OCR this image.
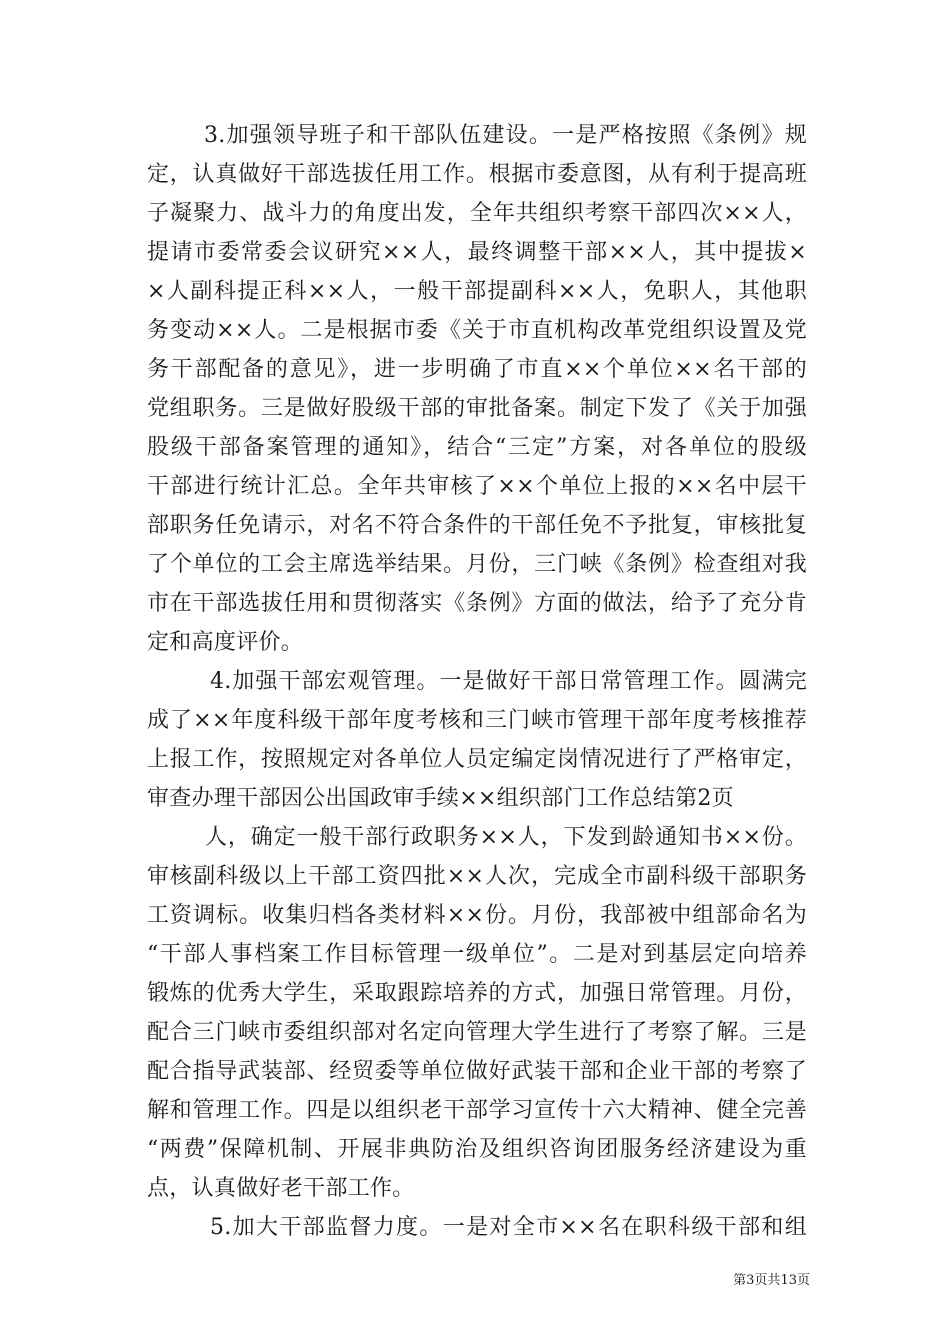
3.加强领导班子和干部队伍建设。一是严格按照《条例》规
定，认真做好干部选拔任用工作。根据市委意图，从有利于提高班
子凝聚力、战斗力的角度出发，全年共组织考察干部四次××人，
提请市委常委会议研究××人，最终调整干部××人，其中提拔×
×人副科提正科××人，一般干部提副科××人，免职人，其他职
务变动××人。二是根据市委《关于市直机构改革党组织设置及党
务干部配备的意见》，进一步明确了市直××个单位××名干部的
党组职务。三是做好股级干部的审批备案。制定下发了《关于加强
股级干部备案管理的通知》，结合“三定”方案，对各单位的股级
干部进行统计汇总。全年共审核了××个单位上报的××名中层干
部职务任免请示，对名不符合条件的干部任免不予批复，审核批复
了个单位的工会主席选举结果。月份，三门峡《条例》检查组对我
市在干部选拔任用和贯彻落实《条例》方面的做法，给予了充分肯
定和高度评价。
4.加强干部宏观管理。一是做好干部日常管理工作。圆满完
成了××年度科级干部年度考核和三门峡市管理干部年度考核推荐
上报工作，按照规定对各单位人员定编定岗情况进行了严格审定，
审查办理干部因公出国政审手续××组织部门工作总结第2页
人，确定一般干部行政职务××人，下发到龄通知书××份。
审核副科级以上干部工资四批××人次，完成全市副科级干部职务
工资调标。收集归档各类材料××份。月份，我部被中组部命名为
“干部人事档案工作目标管理一级单位”。二是对到基层定向培养
锻炼的优秀大学生，采取跟踪培养的方式，加强日常管理。月份，
配合三门峡市委组织部对名定向管理大学生进行了考察了解。三是
配合指导武装部、经贸委等单位做好武装干部和企业干部的考察了
解和管理工作。四是以组织老干部学习宣传十六大精神、健全完善
“两费”保障机制、开展非典防治及组织咨询团服务经济建设为重
点，认真做好老干部工作。
5.加大干部监督力度。一是对全市××名在职科级干部和组
第3页共13页
